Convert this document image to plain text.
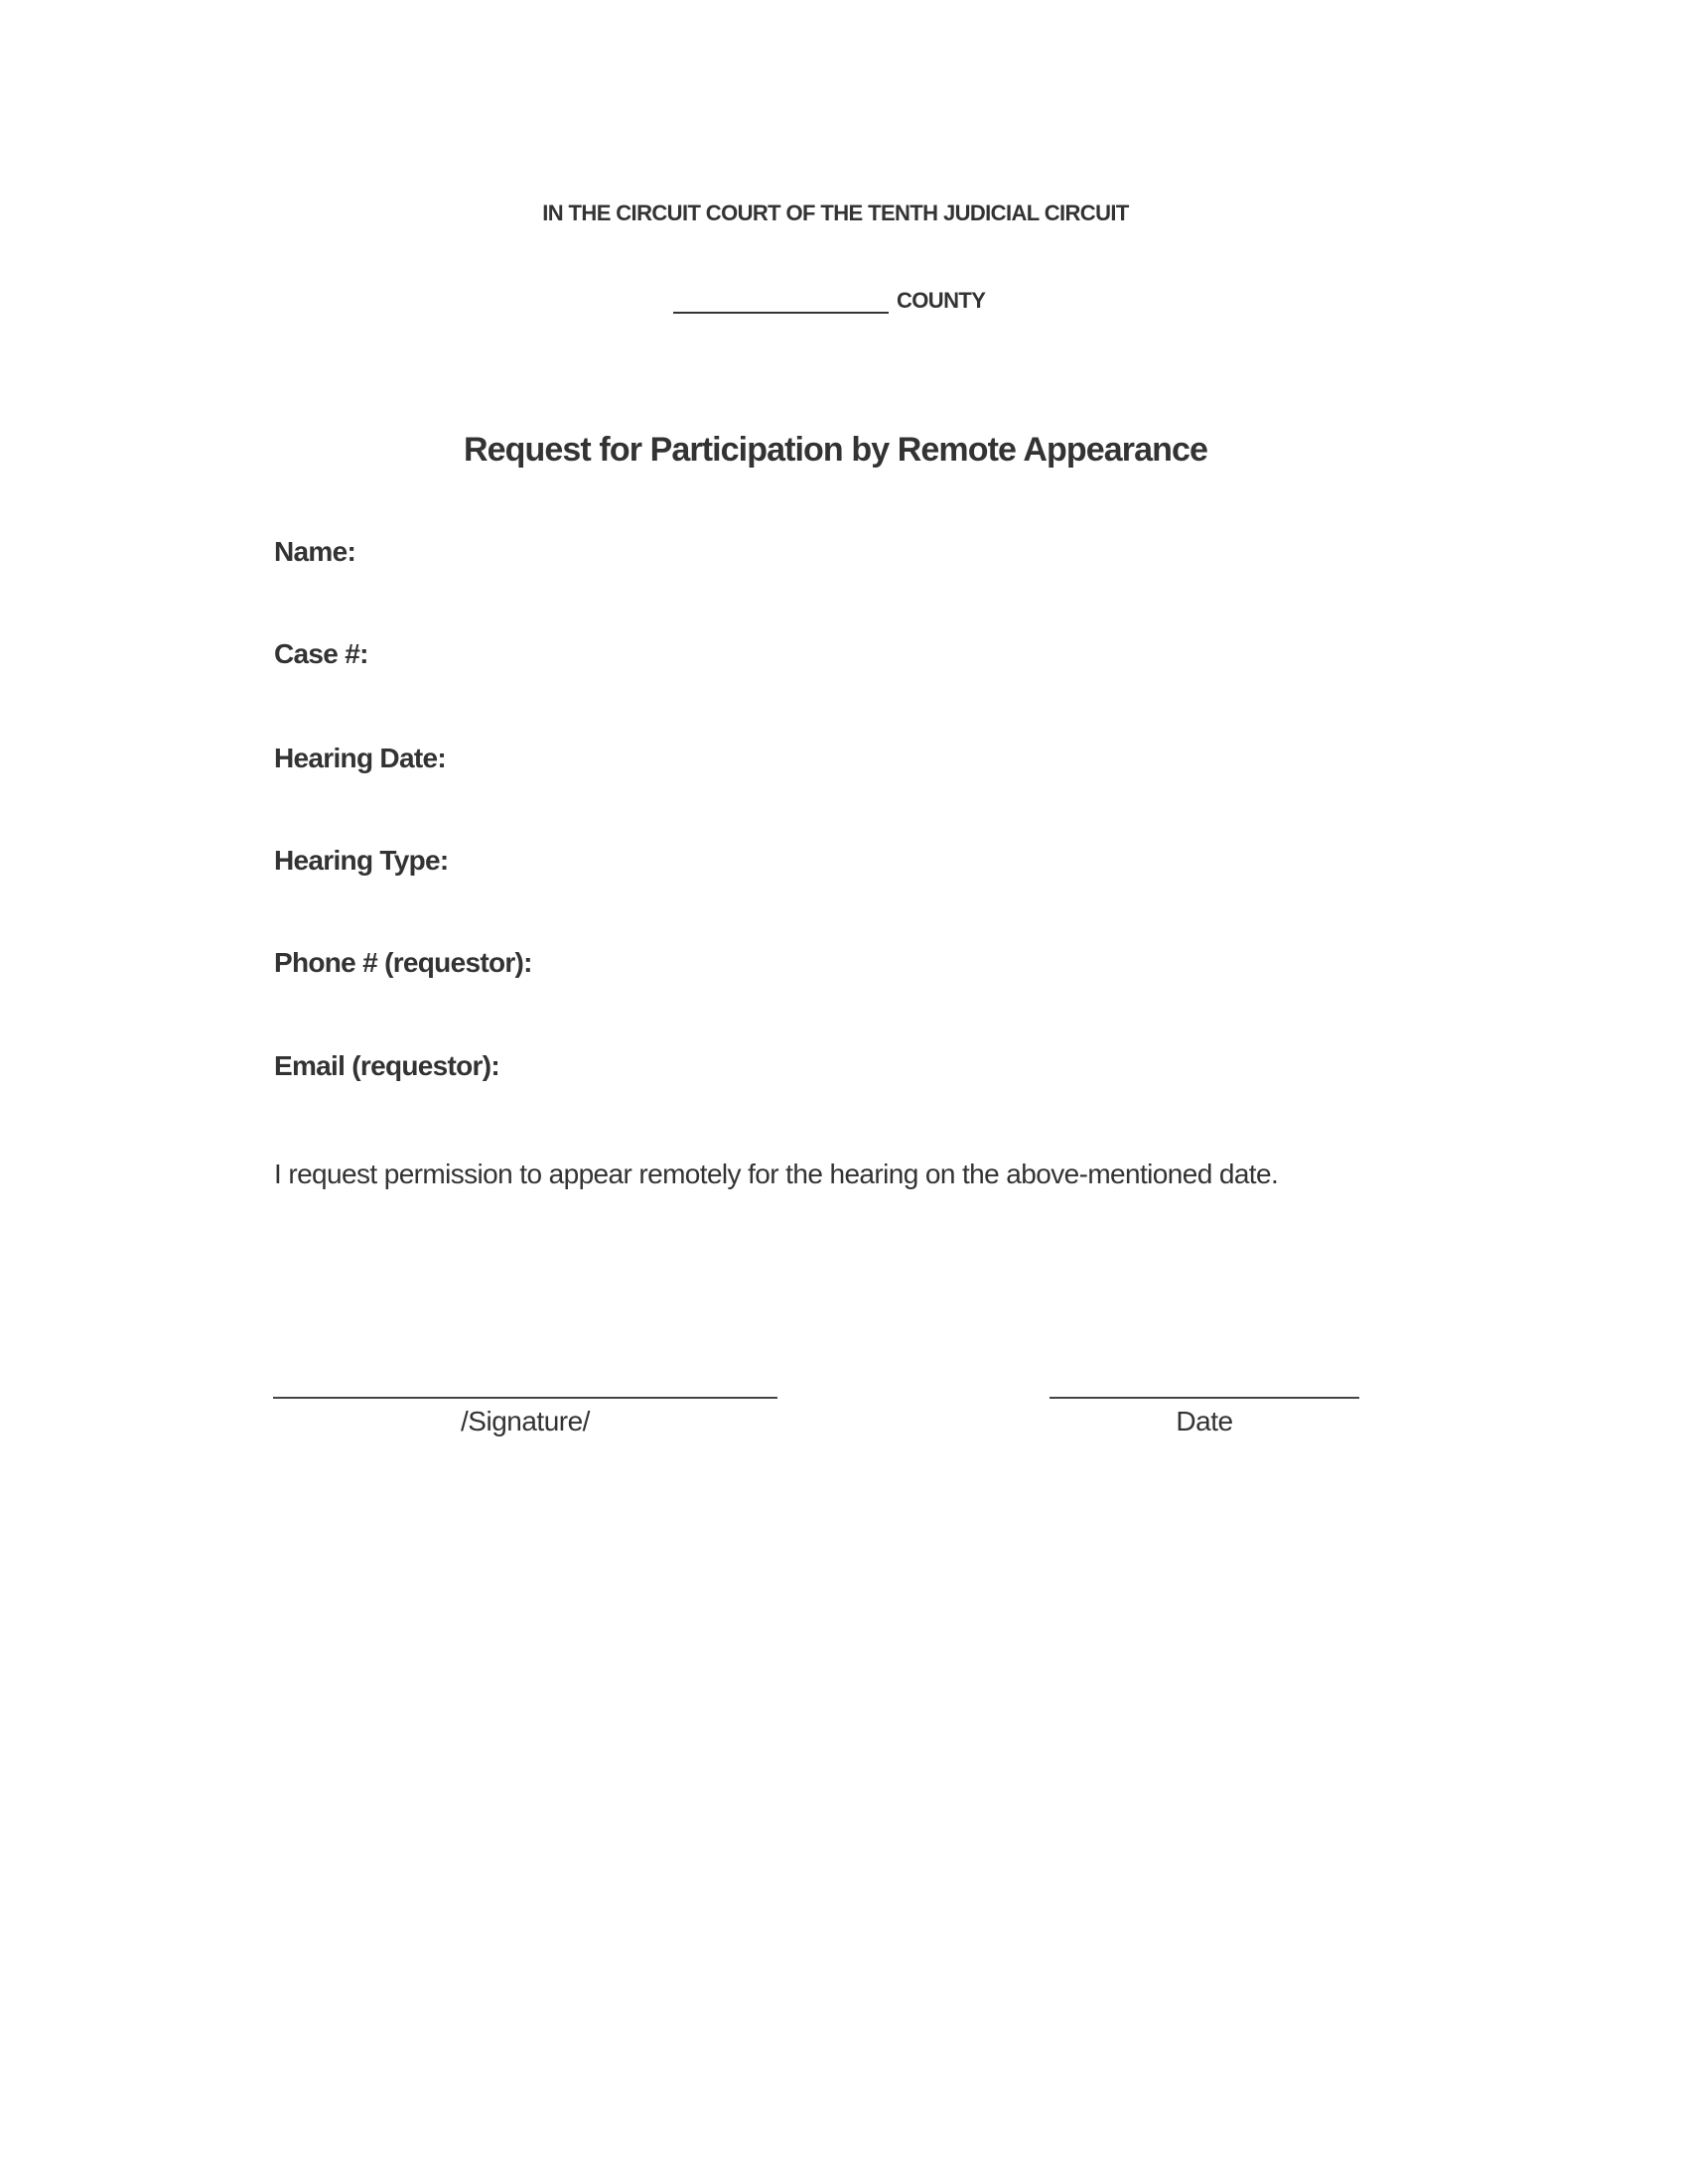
IN THE CIRCUIT COURT OF THE TENTH JUDICIAL CIRCUIT
COUNTY
Request for Participation by Remote Appearance
Name:
Case #:
Hearing Date:
Hearing Type:
Phone # (requestor):
Email (requestor):
I request permission to appear remotely for the hearing on the above-mentioned date.
/Signature/	Date
